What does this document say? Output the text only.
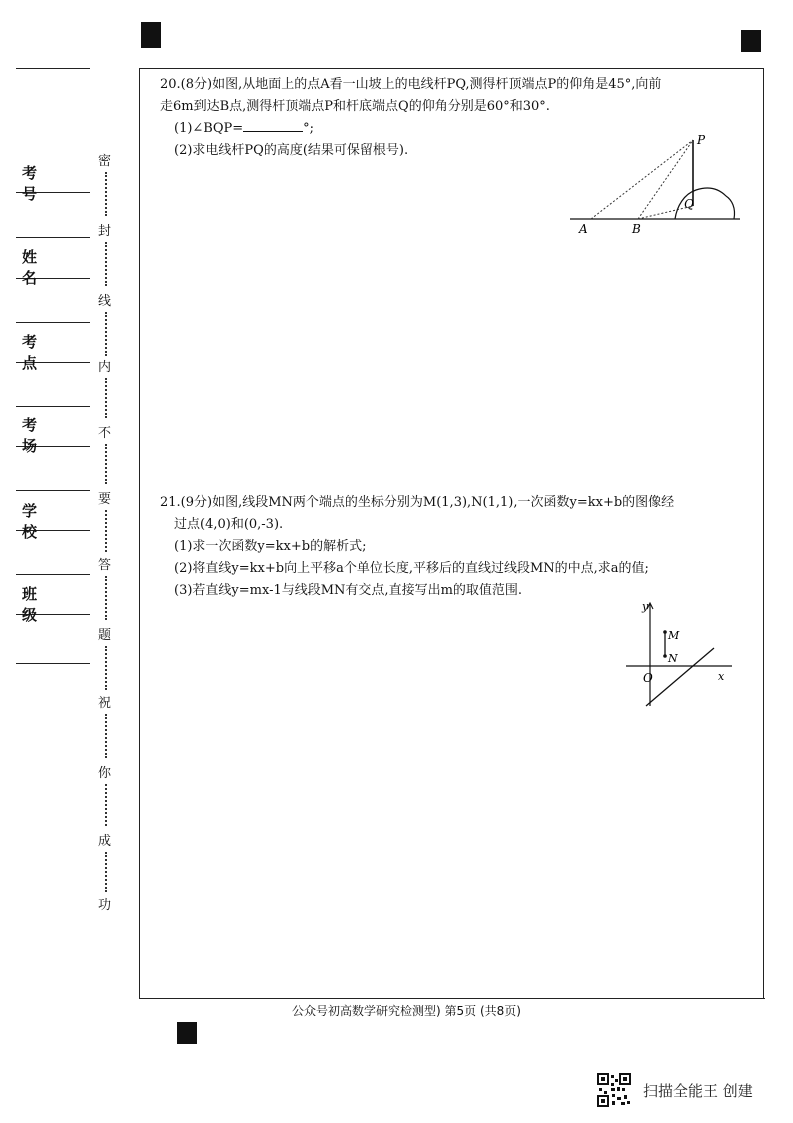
考号
姓名
考点
考场
学校
班级
密
封
线
内
不
要
答
题
祝
你
成
功
20.(8分)如图,从地面上的点A看一山坡上的电线杆PQ,测得杆顶端点P的仰角是45°,向前
走6m到达B点,测得杆顶端点P和杆底端点Q的仰角分别是60°和30°.
(1)∠BQP=	°;
(2)求电线杆PQ的高度(结果可保留根号).
P
Q
A	B
21.(9分)如图,线段MN两个端点的坐标分别为M(1,3),N(1,1),一次函数y=kx+b的图像经
过点(4,0)和(0,-3).
(1)求一次函数y=kx+b的解析式;
(2)将直线y=kx+b向上平移a个单位长度,平移后的直线过线段MN的中点,求a的值;
(3)若直线y=mx-1与线段MN有交点,直接写出m的取值范围.
y
x
O
M
N
公众号初高数学研究检测型) 第5页 (共8页)
扫描全能王 创建
